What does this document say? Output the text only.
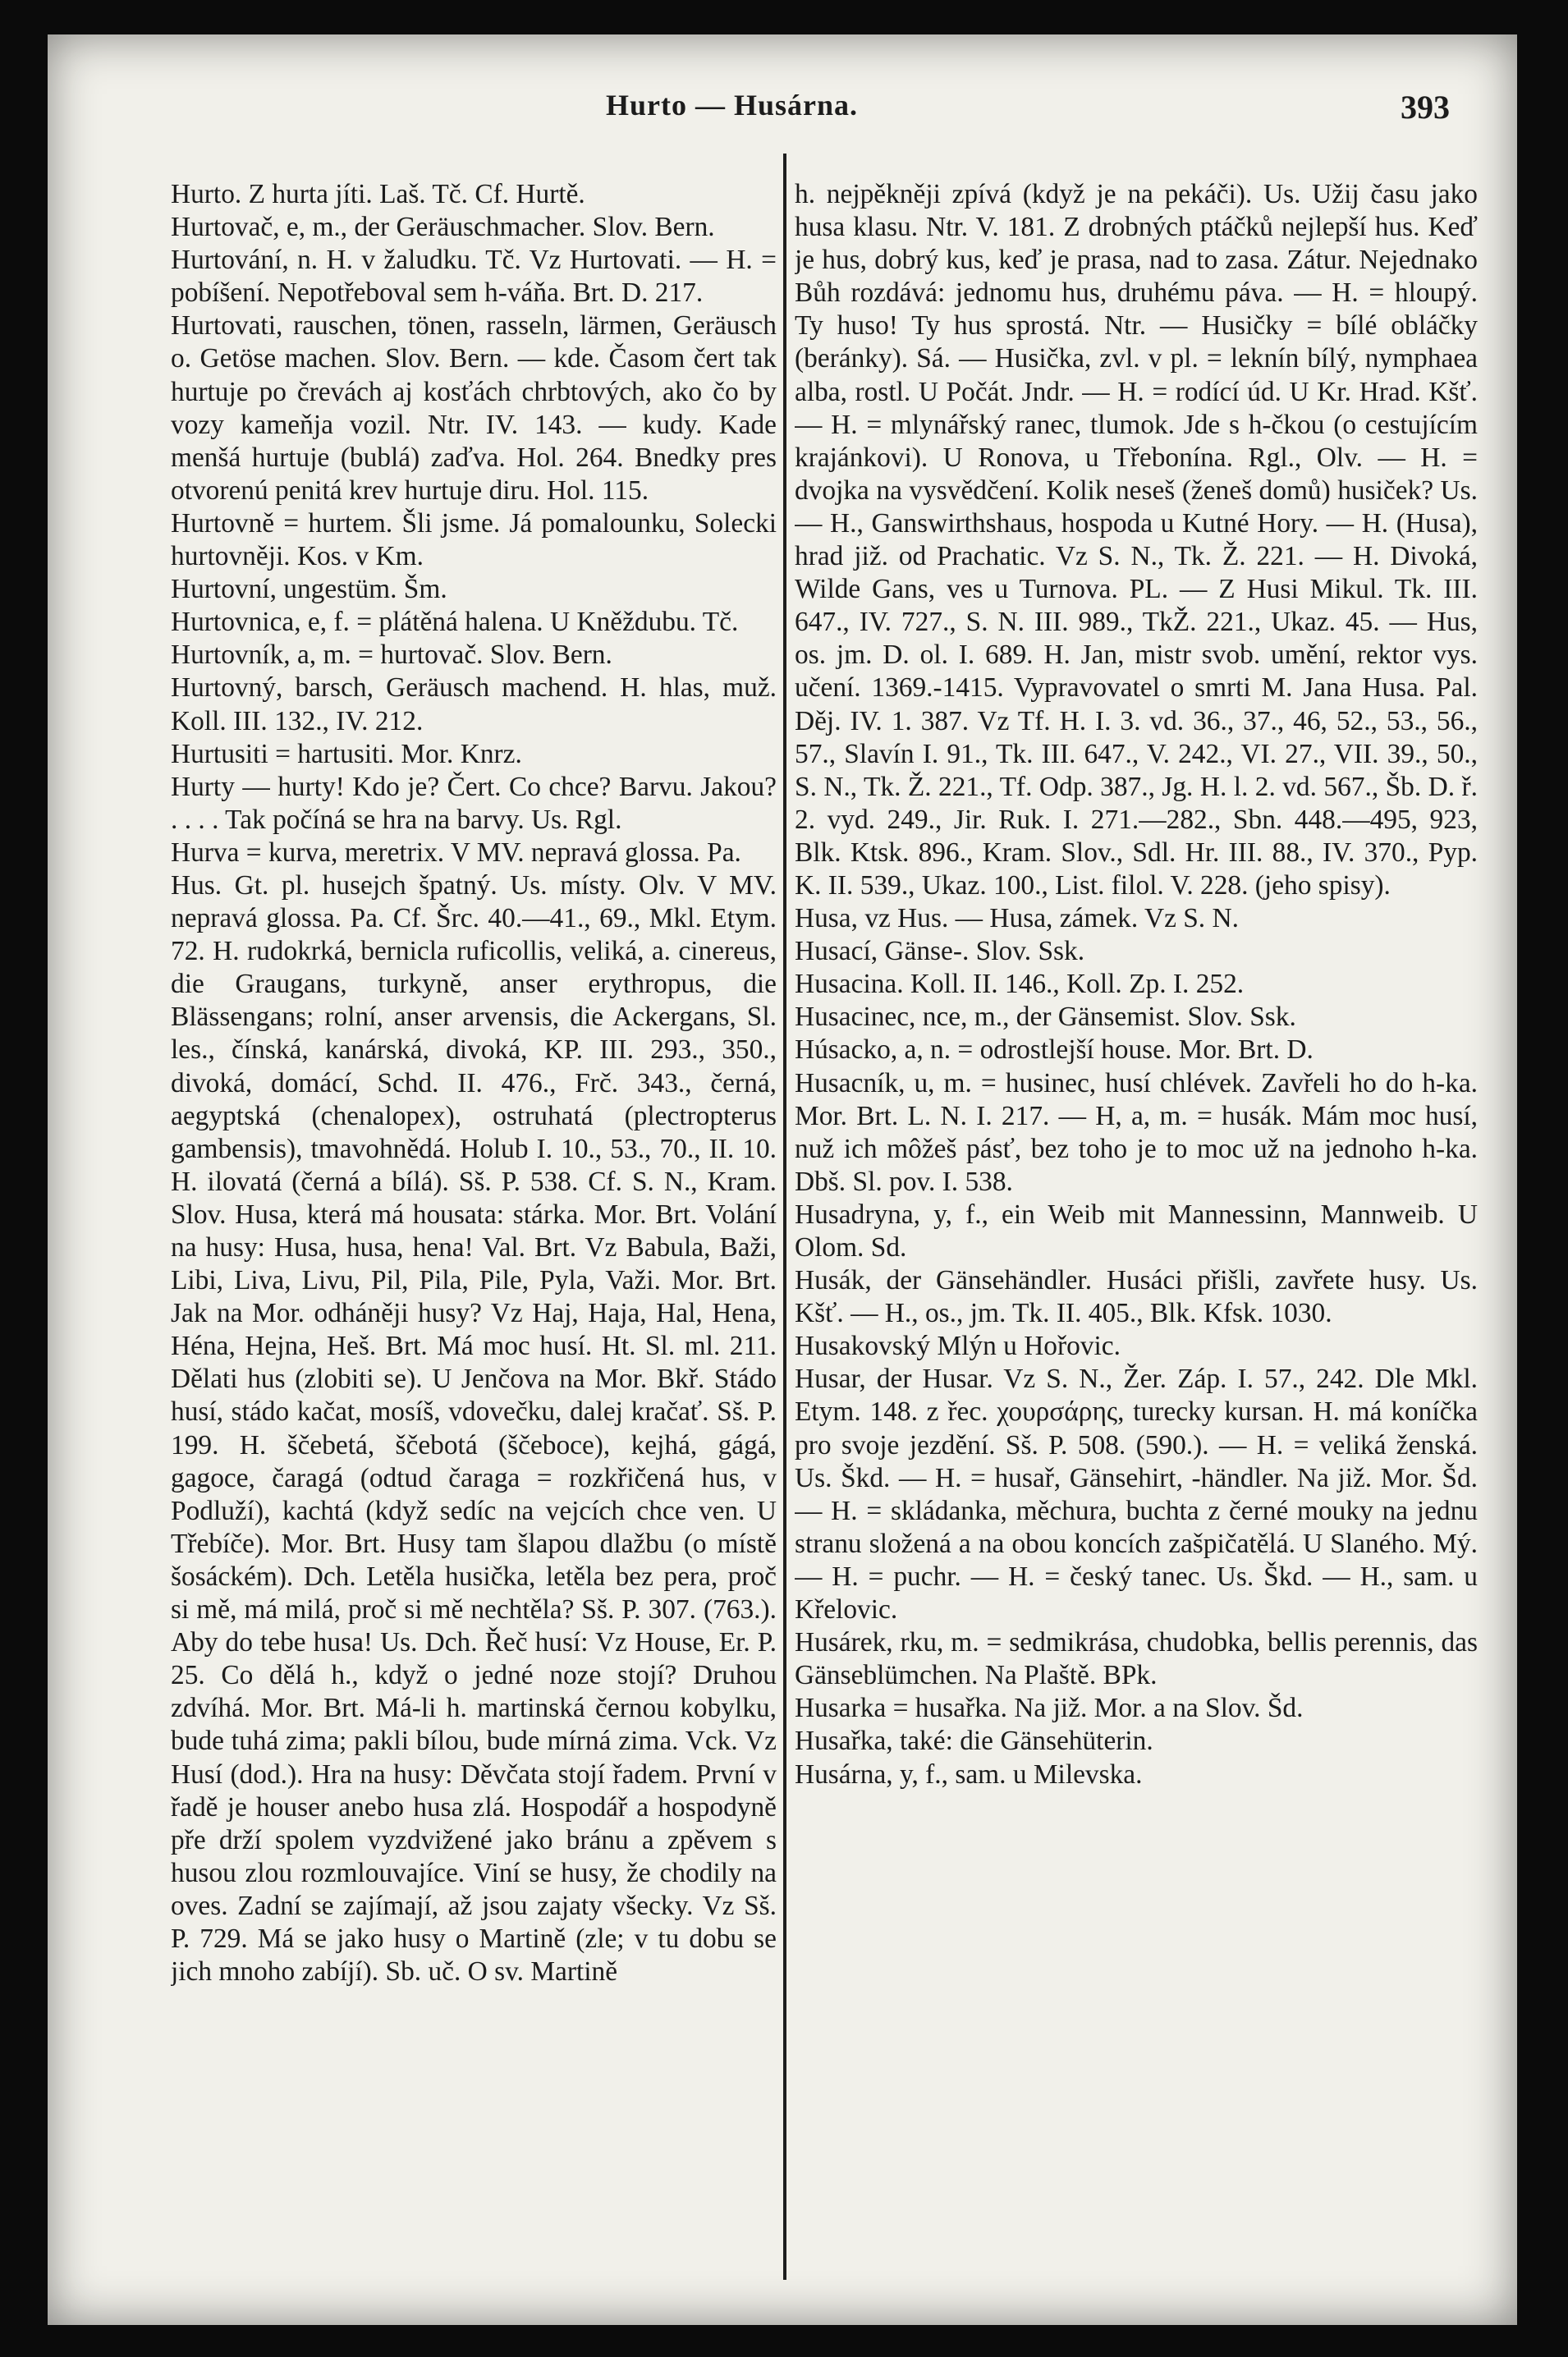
Hurto — Husárna.	393

Hurto. Z hurta jíti. Laš. Tč. Cf. Hurtě.

Hurtovač, e, m., der Geräuschmacher. Slov. Bern.

Hurtování, n. H. v žaludku. Tč. Vz Hurtovati. — H. = pobíšení. Nepotřeboval sem h-váňa. Brt. D. 217.

Hurtovati, rauschen, tönen, rasseln, lärmen, Geräusch o. Getöse machen. Slov. Bern. — kde. Časom čert tak hurtuje po črevách aj kosťách chrbtových, ako čo by vozy kameňja vozil. Ntr. IV. 143. — kudy. Kade menšá hurtuje (bublá) zaďva. Hol. 264. Bnedky pres otvorenú penitá krev hurtuje diru. Hol. 115.

Hurtovně = hurtem. Šli jsme. Já pomalounku, Solecki hurtovněji. Kos. v Km.

Hurtovní, ungestüm. Šm.

Hurtovnica, e, f. = plátěná halena. U Kněždubu. Tč.

Hurtovník, a, m. = hurtovač. Slov. Bern.

Hurtovný, barsch, Geräusch machend. H. hlas, muž. Koll. III. 132., IV. 212.

Hurtusiti = hartusiti. Mor. Knrz.

Hurty — hurty! Kdo je? Čert. Co chce? Barvu. Jakou? . . . . Tak počíná se hra na barvy. Us. Rgl.

Hurva = kurva, meretrix. V MV. nepravá glossa. Pa.

Hus. Gt. pl. husejch špatný. Us. místy. Olv. V MV. nepravá glossa. Pa. Cf. Šrc. 40.—41., 69., Mkl. Etym. 72. H. rudokrká, bernicla ruficollis, veliká, a. cinereus, die Graugans, turkyně, anser erythropus, die Blässengans; rolní, anser arvensis, die Ackergans, Sl. les., čínská, kanárská, divoká, KP. III. 293., 350., divoká, domácí, Schd. II. 476., Frč. 343., černá, aegyptská (chenalopex), ostruhatá (plectropterus gambensis), tmavohnědá. Holub I. 10., 53., 70., II. 10. H. ilovatá (černá a bílá). Sš. P. 538. Cf. S. N., Kram. Slov. Husa, která má housata: stárka. Mor. Brt. Volání na husy: Husa, husa, hena! Val. Brt. Vz Babula, Baži, Libi, Liva, Livu, Pil, Pila, Pile, Pyla, Važi. Mor. Brt. Jak na Mor. odháněji husy? Vz Haj, Haja, Hal, Hena, Héna, Hejna, Heš. Brt. Má moc husí. Ht. Sl. ml. 211. Dělati hus (zlobiti se). U Jenčova na Mor. Bkř. Stádo husí, stádo kačat, mosíš, vdovečku, dalej kračať. Sš. P. 199. H. ščebetá, ščebotá (ščeboce), kejhá, gágá, gagoce, čaragá (odtud čaraga = rozkřičená hus, v Podluží), kachtá (když sedíc na vejcích chce ven. U Třebíče). Mor. Brt. Husy tam šlapou dlažbu (o místě šosáckém). Dch. Letěla husička, letěla bez pera, proč si mě, má milá, proč si mě nechtěla? Sš. P. 307. (763.). Aby do tebe husa! Us. Dch. Řeč husí: Vz House, Er. P. 25. Co dělá h., když o jedné noze stojí? Druhou zdvíhá. Mor. Brt. Má-li h. martinská černou kobylku, bude tuhá zima; pakli bílou, bude mírná zima. Vck. Vz Husí (dod.). Hra na husy: Děvčata stojí řadem. První v řadě je houser anebo husa zlá. Hospodář a hospodyně pře drží spolem vyzdvižené jako bránu a zpěvem s husou zlou rozmlouvajíce. Viní se husy, že chodily na oves. Zadní se zajímají, až jsou zajaty všecky. Vz Sš. P. 729. Má se jako husy o Martině (zle; v tu dobu se jich mnoho zabíjí). Sb. uč. O sv. Martině

h. nejpěkněji zpívá (když je na pekáči). Us. Užij času jako husa klasu. Ntr. V. 181. Z drobných ptáčků nejlepší hus. Keď je hus, dobrý kus, keď je prasa, nad to zasa. Zátur. Nejednako Bůh rozdává: jednomu hus, druhému páva. — H. = hloupý. Ty huso! Ty hus sprostá. Ntr. — Husičky = bílé obláčky (beránky). Sá. — Husička, zvl. v pl. = leknín bílý, nymphaea alba, rostl. U Počát. Jndr. — H. = rodící úd. U Kr. Hrad. Kšť. — H. = mlynářský ranec, tlumok. Jde s h-čkou (o cestujícím krajánkovi). U Ronova, u Třebonína. Rgl., Olv. — H. = dvojka na vysvědčení. Kolik neseš (ženeš domů) husiček? Us. — H., Ganswirthshaus, hospoda u Kutné Hory. — H. (Husa), hrad již. od Prachatic. Vz S. N., Tk. Ž. 221. — H. Divoká, Wilde Gans, ves u Turnova. PL. — Z Husi Mikul. Tk. III. 647., IV. 727., S. N. III. 989., TkŽ. 221., Ukaz. 45. — Hus, os. jm. D. ol. I. 689. H. Jan, mistr svob. umění, rektor vys. učení. 1369.-1415. Vypravovatel o smrti M. Jana Husa. Pal. Děj. IV. 1. 387. Vz Tf. H. I. 3. vd. 36., 37., 46, 52., 53., 56., 57., Slavín I. 91., Tk. III. 647., V. 242., VI. 27., VII. 39., 50., S. N., Tk. Ž. 221., Tf. Odp. 387., Jg. H. l. 2. vd. 567., Šb. D. ř. 2. vyd. 249., Jir. Ruk. I. 271.—282., Sbn. 448.—495, 923, Blk. Ktsk. 896., Kram. Slov., Sdl. Hr. III. 88., IV. 370., Pyp. K. II. 539., Ukaz. 100., List. filol. V. 228. (jeho spisy).

Husa, vz Hus. — Husa, zámek. Vz S. N.

Husací, Gänse-. Slov. Ssk.

Husacina. Koll. II. 146., Koll. Zp. I. 252.

Husacinec, nce, m., der Gänsemist. Slov. Ssk.

Húsacko, a, n. = odrostlejší house. Mor. Brt. D.

Husacník, u, m. = husinec, husí chlévek. Zavřeli ho do h-ka. Mor. Brt. L. N. I. 217. — H, a, m. = husák. Mám moc husí, nuž ich môžeš pásť, bez toho je to moc už na jednoho h-ka. Dbš. Sl. pov. I. 538.

Husadryna, y, f., ein Weib mit Mannessinn, Mannweib. U Olom. Sd.

Husák, der Gänsehändler. Husáci přišli, zavřete husy. Us. Kšť. — H., os., jm. Tk. II. 405., Blk. Kfsk. 1030.

Husakovský Mlýn u Hořovic.

Husar, der Husar. Vz S. N., Žer. Záp. I. 57., 242. Dle Mkl. Etym. 148. z řec. χουρσάρης, turecky kursan. H. má koníčka pro svoje jezdění. Sš. P. 508. (590.). — H. = veliká ženská. Us. Škd. — H. = husař, Gänsehirt, -händler. Na již. Mor. Šd. — H. = skládanka, měchura, buchta z černé mouky na jednu stranu složená a na obou koncích zašpičatělá. U Slaného. Mý. — H. = puchr. — H. = český tanec. Us. Škd. — H., sam. u Křelovic.

Husárek, rku, m. = sedmikrása, chudobka, bellis perennis, das Gänseblümchen. Na Plaště. BPk.

Husarka = husařka. Na již. Mor. a na Slov. Šd.

Husařka, také: die Gänsehüterin.

Husárna, y, f., sam. u Milevska.
